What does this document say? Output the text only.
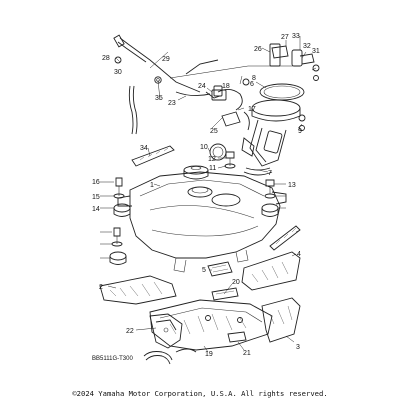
1
2
3
4
5
6
7
8
9
10
11
12
13
14
15
16
17
18
19
20
21
22
23
24
25
26
27
28	29
30
31
32
33
34
35
BB5111G-T300
©2024 Yamaha Motor Corporation, U.S.A. All rights reserved.
